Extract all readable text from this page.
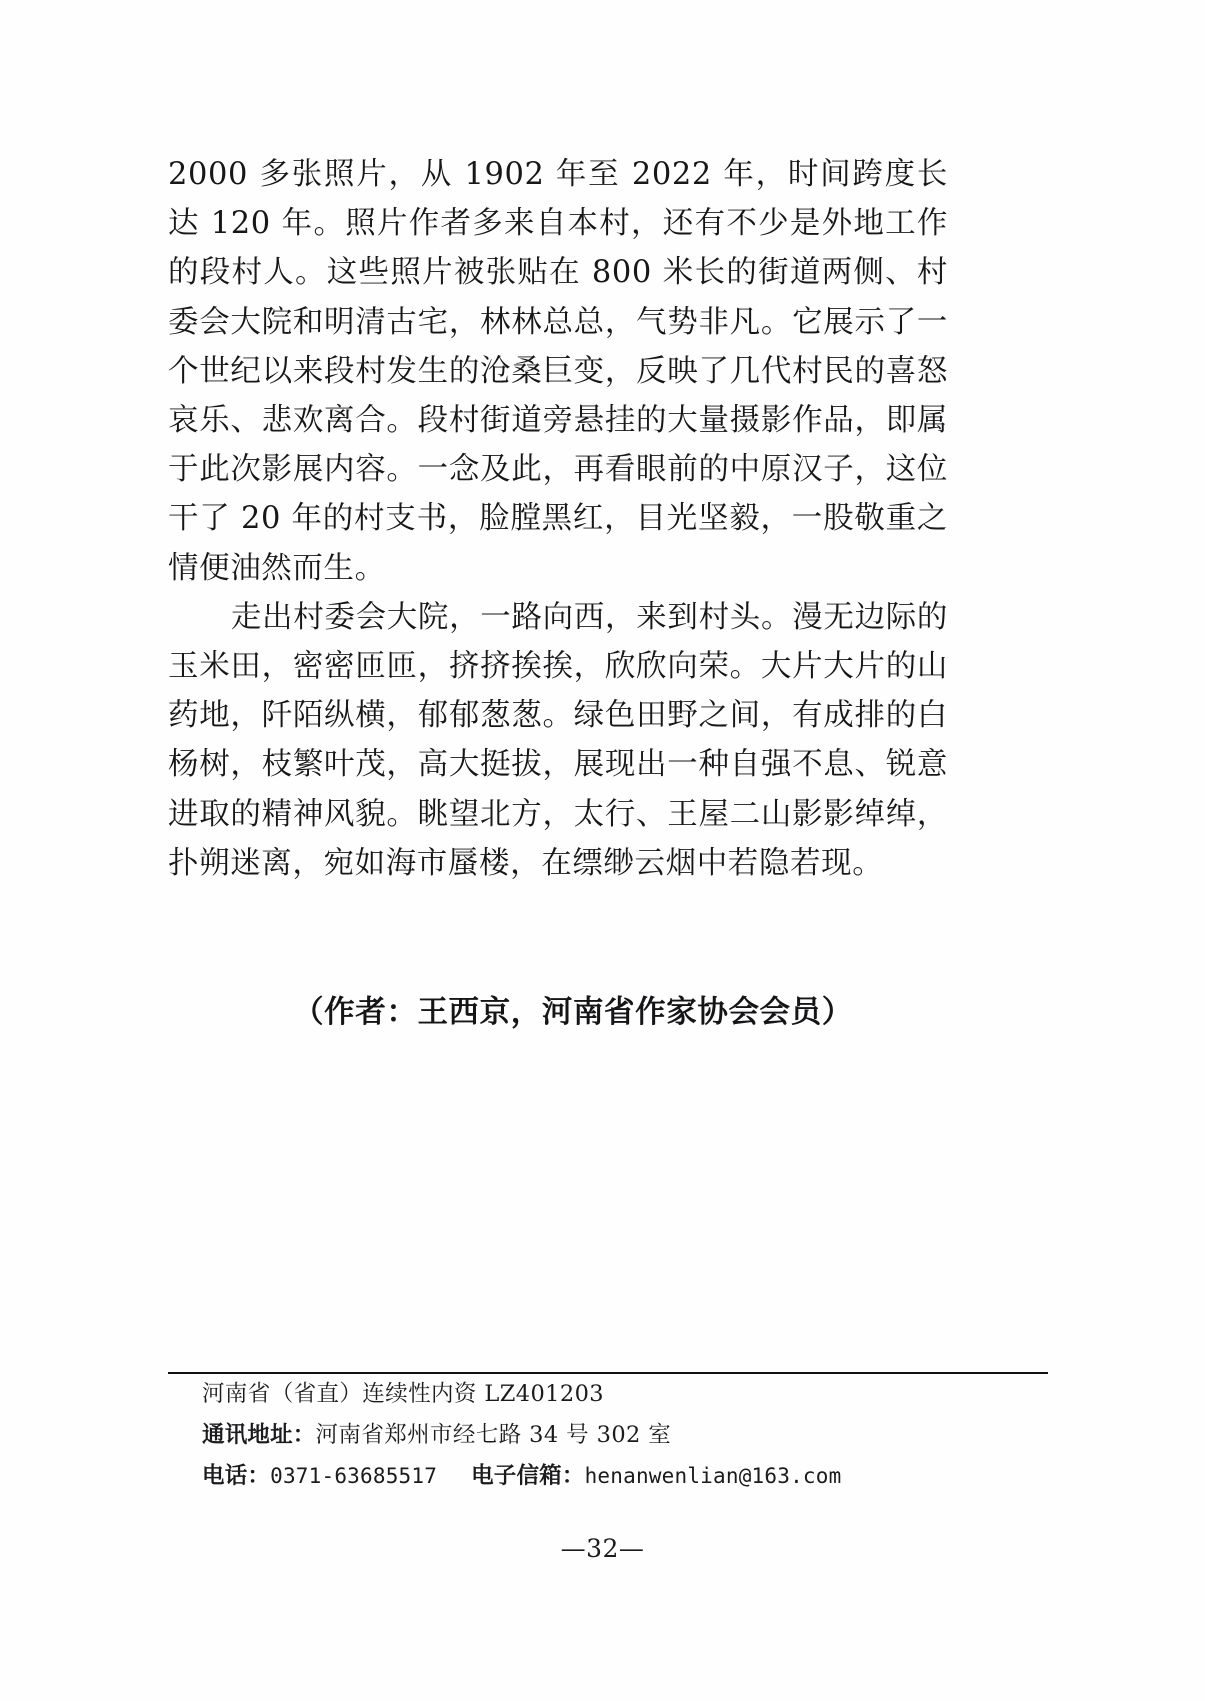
2000 多张照片，从 1902 年至 2022 年，时间跨度长达 120 年。照片作者多来自本村，还有不少是外地工作的段村人。这些照片被张贴在 800 米长的街道两侧、村委会大院和明清古宅，林林总总，气势非凡。它展示了一个世纪以来段村发生的沧桑巨变，反映了几代村民的喜怒哀乐、悲欢离合。段村街道旁悬挂的大量摄影作品，即属于此次影展内容。一念及此，再看眼前的中原汉子，这位干了 20 年的村支书，脸膛黑红，目光坚毅，一股敬重之情便油然而生。

走出村委会大院，一路向西，来到村头。漫无边际的玉米田，密密匝匝，挤挤挨挨，欣欣向荣。大片大片的山药地，阡陌纵横，郁郁葱葱。绿色田野之间，有成排的白杨树，枝繁叶茂，高大挺拔，展现出一种自强不息、锐意进取的精神风貌。眺望北方，太行、王屋二山影影绰绰，扑朔迷离，宛如海市蜃楼，在缥缈云烟中若隐若现。

（作者：王西京，河南省作家协会会员）
河南省（省直）连续性内资 LZ401203
通讯地址：河南省郑州市经七路 34 号 302 室
电话：0371-63685517 电子信箱：henanwenlian@163.com
—32—
